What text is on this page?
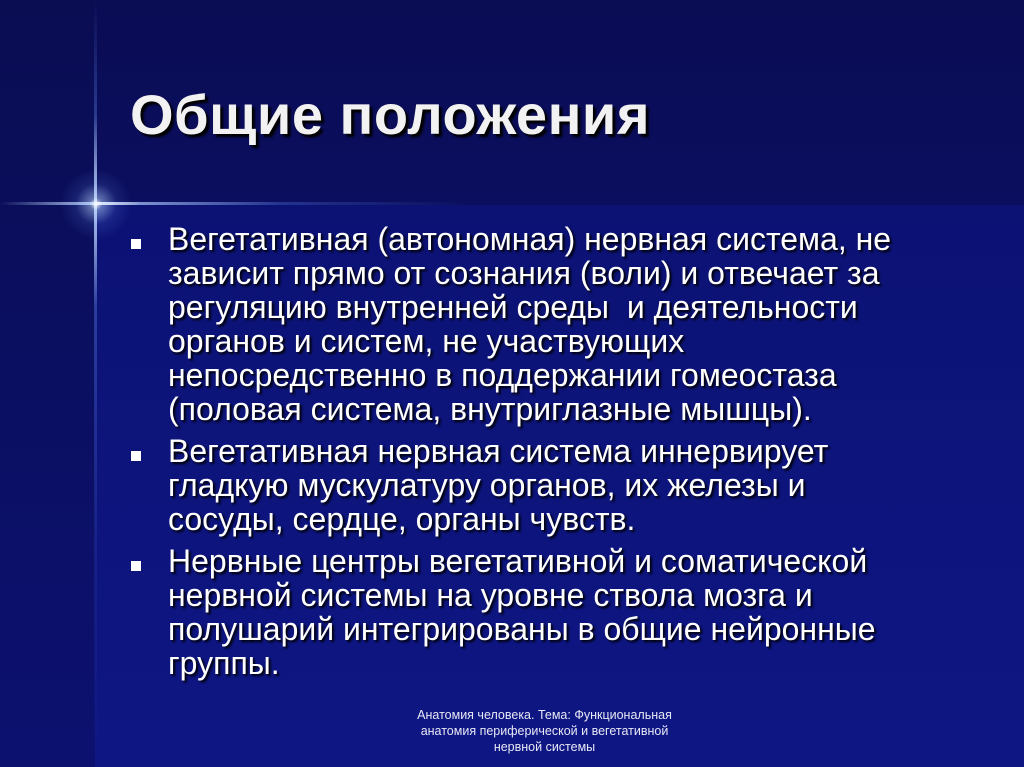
Общие положения
Вегетативная (автономная) нервная система, не
зависит прямо от сознания (воли) и отвечает за
регуляцию внутренней среды  и деятельности
органов и систем, не участвующих
непосредственно в поддержании гомеостаза
(половая система, внутриглазные мышцы).
Вегетативная нервная система иннервирует
гладкую мускулатуру органов, их железы и
сосуды, сердце, органы чувств.
Нервные центры вегетативной и соматической
нервной системы на уровне ствола мозга и
полушарий интегрированы в общие нейронные
группы.
Анатомия человека. Тема: Функциональная
анатомия периферической и вегетативной
нервной системы
